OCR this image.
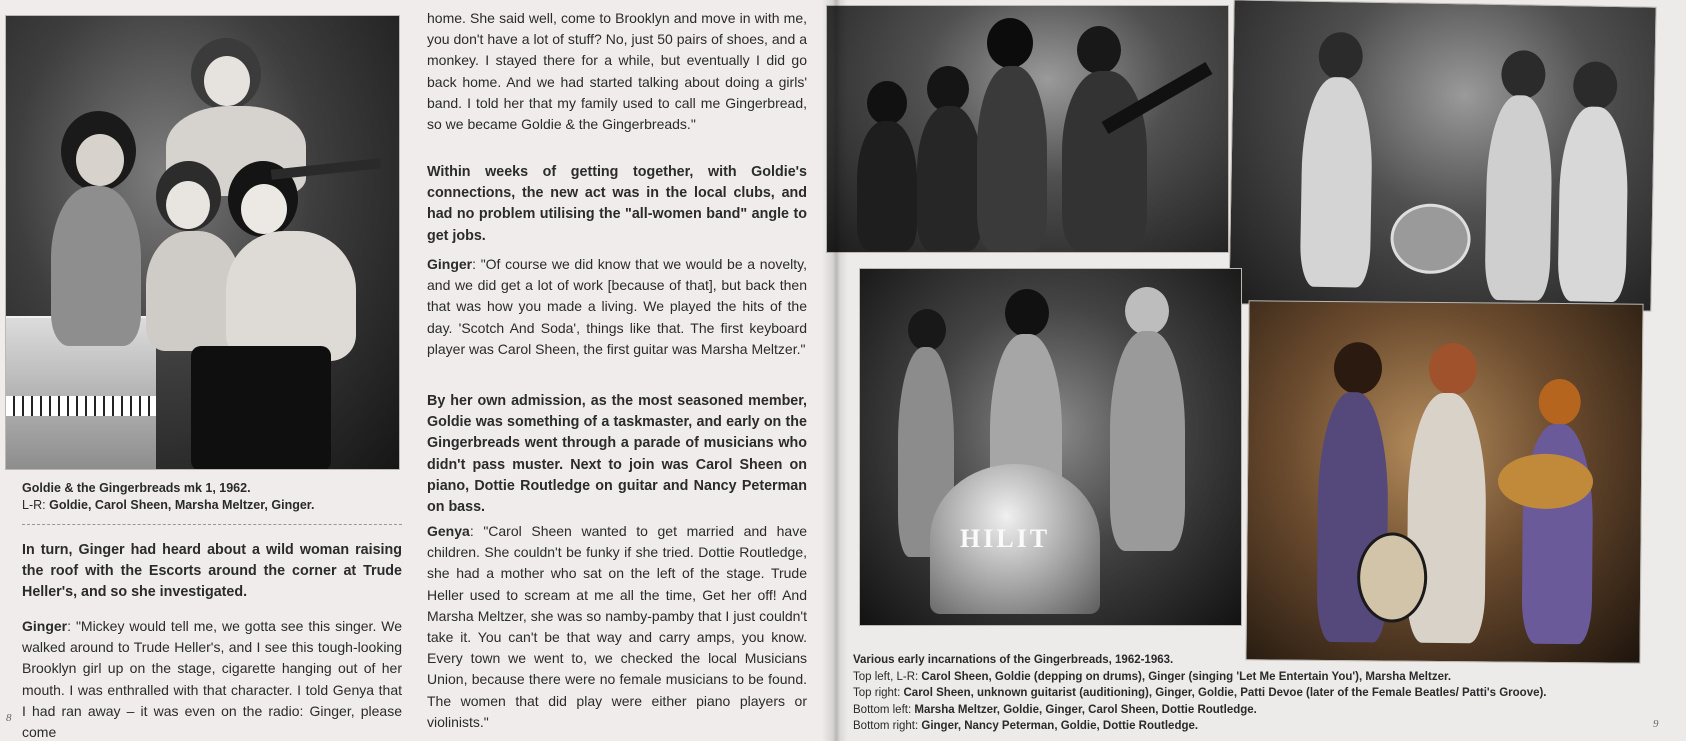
Goldie & the Gingerbreads mk 1, 1962.
L-R: Goldie, Carol Sheen, Marsha Meltzer, Ginger.
In turn, Ginger had heard about a wild woman raising the roof with the Escorts around the corner at Trude Heller's, and so she investigated.
Ginger: "Mickey would tell me, we gotta see this singer. We walked around to Trude Heller's, and I see this tough-looking Brooklyn girl up on the stage, cigarette hanging out of her mouth. I was enthralled with that character. I told Genya that I had ran away – it was even on the radio: Ginger, please come
home. She said well, come to Brooklyn and move in with me, you don't have a lot of stuff? No, just 50 pairs of shoes, and a monkey. I stayed there for a while, but eventually I did go back home. And we had started talking about doing a girls' band. I told her that my family used to call me Gingerbread, so we became Goldie & the Gingerbreads."
Within weeks of getting together, with Goldie's connections, the new act was in the local clubs, and had no problem utilising the "all-women band" angle to get jobs.
Ginger: "Of course we did know that we would be a novelty, and we did get a lot of work [because of that], but back then that was how you made a living. We played the hits of the day. 'Scotch And Soda', things like that. The first keyboard player was Carol Sheen, the first guitar was Marsha Meltzer."
By her own admission, as the most seasoned member, Goldie was something of a taskmaster, and early on the Gingerbreads went through a parade of musicians who didn't pass muster. Next to join was Carol Sheen on piano, Dottie Routledge on guitar and Nancy Peterman on bass.
Genya: "Carol Sheen wanted to get married and have children. She couldn't be funky if she tried. Dottie Routledge, she had a mother who sat on the left of the stage. Trude Heller used to scream at me all the time, Get her off! And Marsha Meltzer, she was so namby-pamby that I just couldn't take it. You can't be that way and carry amps, you know. Every town we went to, we checked the local Musicians Union, because there were no female musicians to be found. The women that did play were either piano players or violinists."
8
HILIT
Various early incarnations of the Gingerbreads, 1962-1963.
Top left, L-R: Carol Sheen, Goldie (depping on drums), Ginger (singing 'Let Me Entertain You'), Marsha Meltzer.
Top right: Carol Sheen, unknown guitarist (auditioning), Ginger, Goldie, Patti Devoe (later of the Female Beatles/ Patti's Groove).
Bottom left: Marsha Meltzer, Goldie, Ginger, Carol Sheen, Dottie Routledge.
Bottom right: Ginger, Nancy Peterman, Goldie, Dottie Routledge.	9
